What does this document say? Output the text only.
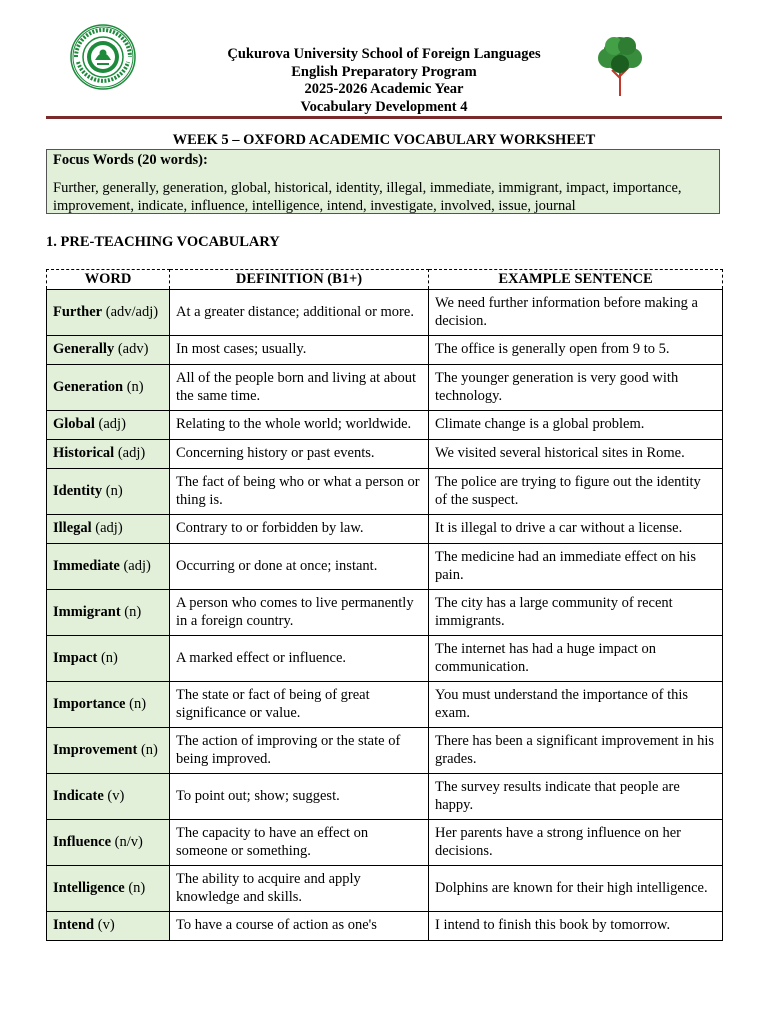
Çukurova University School of Foreign Languages
English Preparatory Program
2025-2026 Academic Year
Vocabulary Development 4
WEEK 5 – OXFORD ACADEMIC VOCABULARY WORKSHEET
Focus Words (20 words):
Further, generally, generation, global, historical, identity, illegal, immediate, immigrant, impact, importance, improvement, indicate, influence, intelligence, intend, investigate, involved, issue, journal
1. PRE-TEACHING VOCABULARY
WORD	DEFINITION (B1+)	EXAMPLE SENTENCE
Further (adv/adj)	At a greater distance; additional or more.	We need further information before making a decision.
Generally (adv)	In most cases; usually.	The office is generally open from 9 to 5.
Generation (n)	All of the people born and living at about the same time.	The younger generation is very good with technology.
Global (adj)	Relating to the whole world; worldwide.	Climate change is a global problem.
Historical (adj)	Concerning history or past events.	We visited several historical sites in Rome.
Identity (n)	The fact of being who or what a person or thing is.	The police are trying to figure out the identity of the suspect.
Illegal (adj)	Contrary to or forbidden by law.	It is illegal to drive a car without a license.
Immediate (adj)	Occurring or done at once; instant.	The medicine had an immediate effect on his pain.
Immigrant (n)	A person who comes to live permanently in a foreign country.	The city has a large community of recent immigrants.
Impact (n)	A marked effect or influence.	The internet has had a huge impact on communication.
Importance (n)	The state or fact of being of great significance or value.	You must understand the importance of this exam.
Improvement (n)	The action of improving or the state of being improved.	There has been a significant improvement in his grades.
Indicate (v)	To point out; show; suggest.	The survey results indicate that people are happy.
Influence (n/v)	The capacity to have an effect on someone or something.	Her parents have a strong influence on her decisions.
Intelligence (n)	The ability to acquire and apply knowledge and skills.	Dolphins are known for their high intelligence.
Intend (v)	To have a course of action as one's	I intend to finish this book by tomorrow.
